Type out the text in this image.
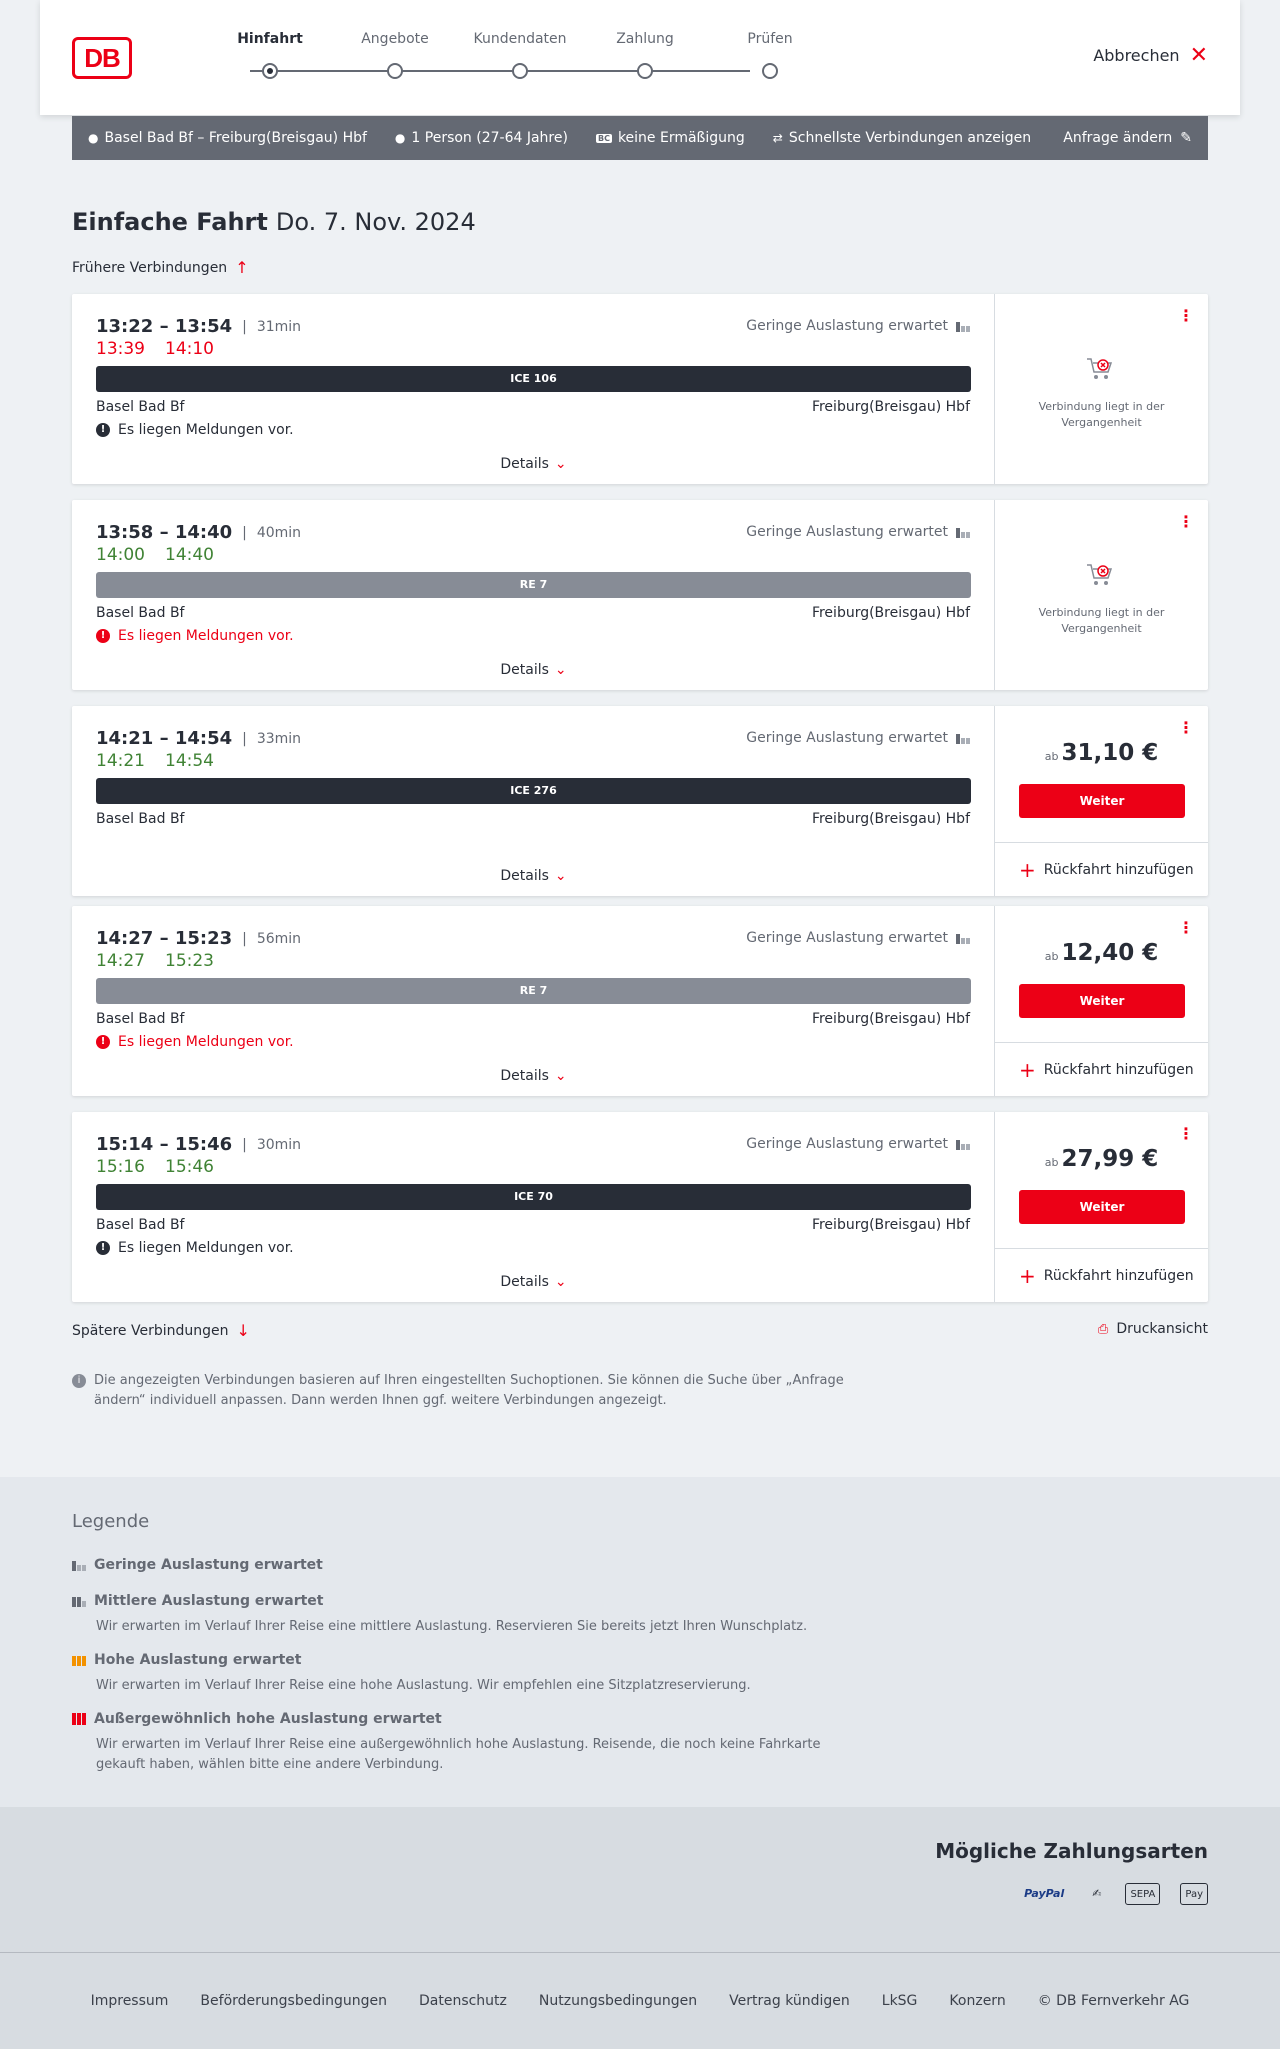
DB
Hinfahrt	Angebote	Kundendaten	Zahlung	Prüfen
Abbrechen ✕
● Basel Bad Bf – Freiburg(Breisgau) Hbf ● 1 Person (27-64 Jahre)	BC keine Ermäßigung ⇄ Schnellste Verbindungen anzeigen Anfrage ändern ✎
Einfache Fahrt Do. 7. Nov. 2024
Frühere Verbindungen ↑
13:22 – 13:54 | 31min
13:39 14:10
Geringe Auslastung erwartet
ICE 106
Basel Bad Bf	Freiburg(Breisgau) Hbf
! Es liegen Meldungen vor.
Details ⌄
⋮
Verbindung liegt in der Vergangenheit
13:58 – 14:40 | 40min
14:00 14:40
Geringe Auslastung erwartet
RE 7
Basel Bad Bf	Freiburg(Breisgau) Hbf
! Es liegen Meldungen vor.
Details ⌄
⋮
Verbindung liegt in der Vergangenheit
14:21 – 14:54 | 33min
14:21 14:54
Geringe Auslastung erwartet
ICE 276
Basel Bad Bf	Freiburg(Breisgau) Hbf
Details ⌄
⋮
ab 31,10 €
Weiter
+ Rückfahrt hinzufügen
14:27 – 15:23 | 56min
14:27 15:23
Geringe Auslastung erwartet
RE 7
Basel Bad Bf	Freiburg(Breisgau) Hbf
! Es liegen Meldungen vor.
Details ⌄
⋮
ab 12,40 €
Weiter
+ Rückfahrt hinzufügen
15:14 – 15:46 | 30min
15:16 15:46
Geringe Auslastung erwartet
ICE 70
Basel Bad Bf	Freiburg(Breisgau) Hbf
! Es liegen Meldungen vor.
Details ⌄
⋮
ab 27,99 €
Weiter
+ Rückfahrt hinzufügen
Spätere Verbindungen ↓	⎙ Druckansicht
i	Die angezeigten Verbindungen basieren auf Ihren eingestellten Suchoptionen. Sie können die Suche über „Anfrage ändern“ individuell anpassen. Dann werden Ihnen ggf. weitere Verbindungen angezeigt.
Legende
Geringe Auslastung erwartet
Mittlere Auslastung erwartet
Wir erwarten im Verlauf Ihrer Reise eine mittlere Auslastung. Reservieren Sie bereits jetzt Ihren Wunschplatz.
Hohe Auslastung erwartet
Wir erwarten im Verlauf Ihrer Reise eine hohe Auslastung. Wir empfehlen eine Sitzplatzreservierung.
Außergewöhnlich hohe Auslastung erwartet
Wir erwarten im Verlauf Ihrer Reise eine außergewöhnlich hohe Auslastung. Reisende, die noch keine Fahrkarte gekauft haben, wählen bitte eine andere Verbindung.
Mögliche Zahlungsarten
PayPal	✍	SEPA	Pay
Impressum Beförderungsbedingungen Datenschutz Nutzungsbedingungen Vertrag kündigen LkSG Konzern © DB Fernverkehr AG
